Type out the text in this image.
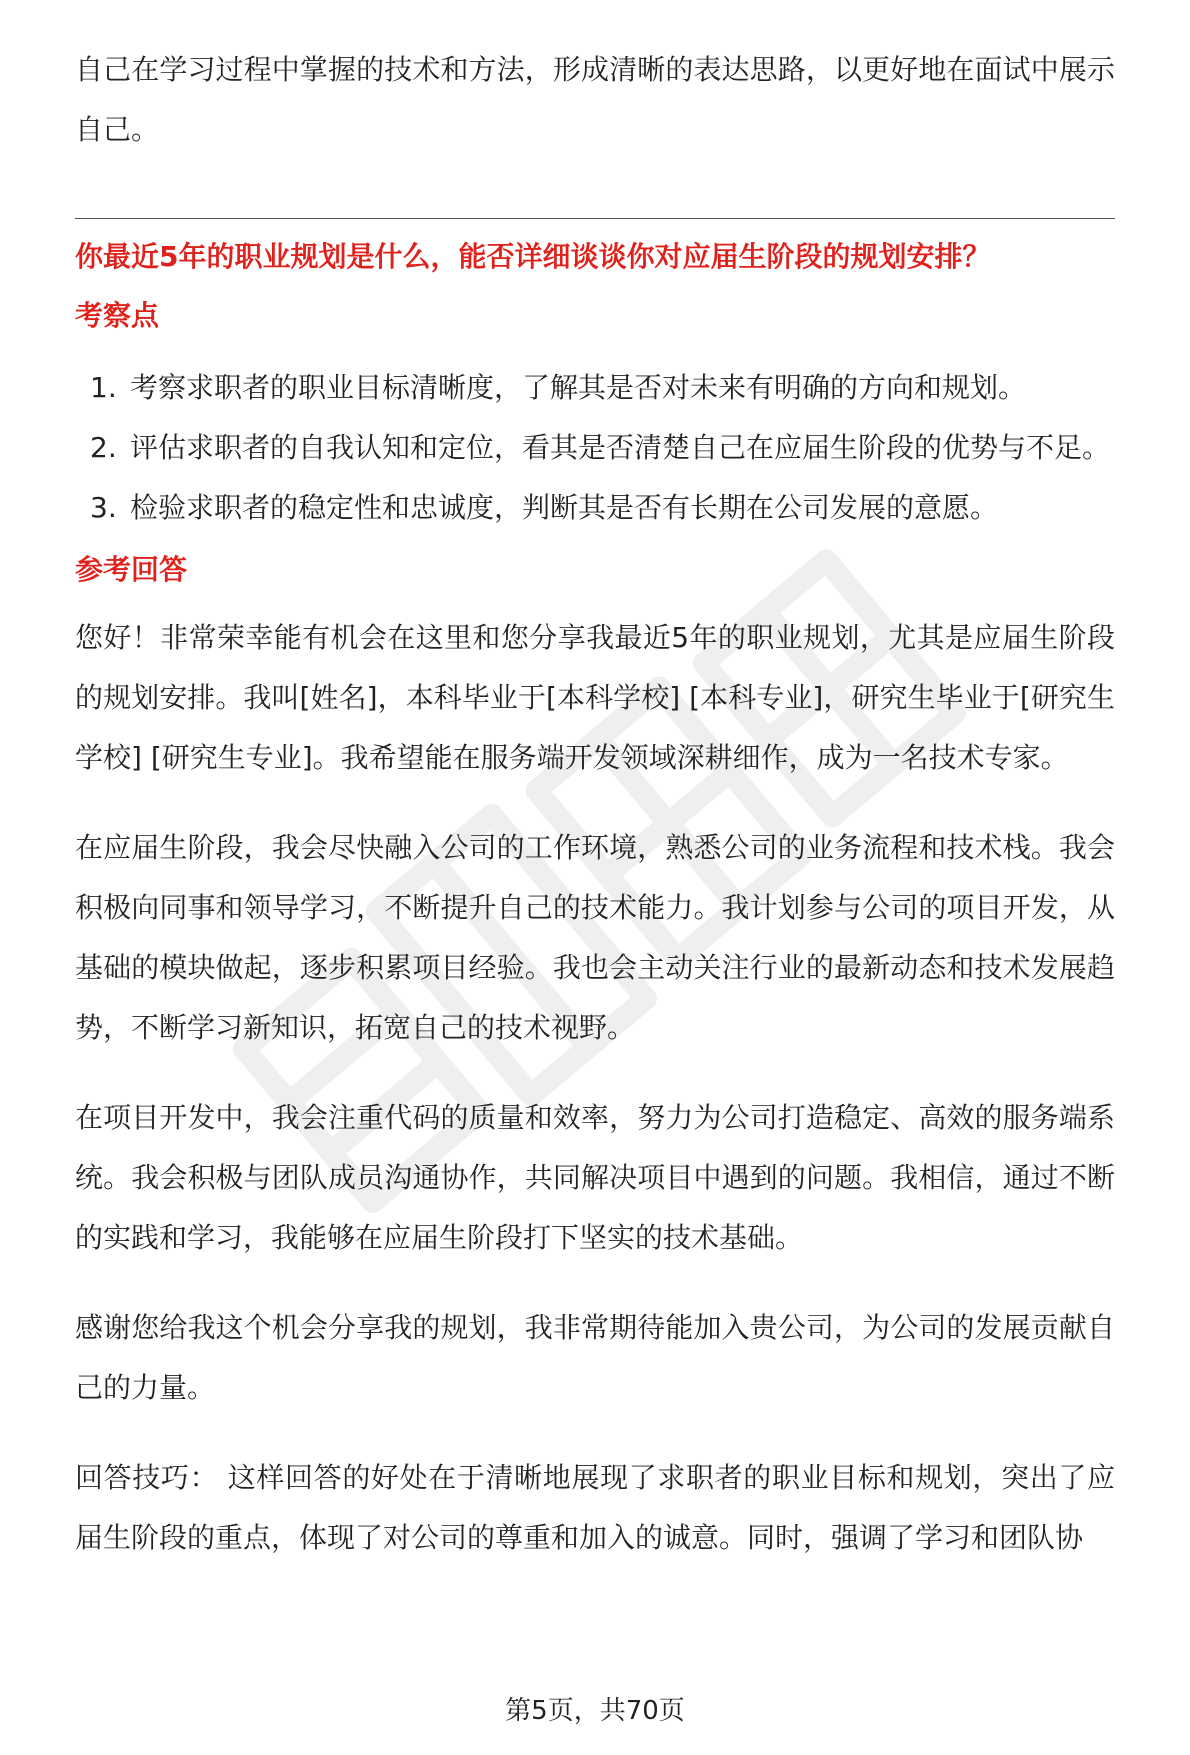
自己在学习过程中掌握的技术和方法，形成清晰的表达思路，以更好地在面试中展示自己。

你最近5年的职业规划是什么，能否详细谈谈你对应届生阶段的规划安排？
考察点
1. 考察求职者的职业目标清晰度，了解其是否对未来有明确的方向和规划。
2. 评估求职者的自我认知和定位，看其是否清楚自己在应届生阶段的优势与不足。
3. 检验求职者的稳定性和忠诚度，判断其是否有长期在公司发展的意愿。
参考回答

您好！非常荣幸能有机会在这里和您分享我最近5年的职业规划，尤其是应届生阶段的规划安排。我叫[姓名]，本科毕业于[本科学校] [本科专业]，研究生毕业于[研究生学校] [研究生专业]。我希望能在服务端开发领域深耕细作，成为一名技术专家。

在应届生阶段，我会尽快融入公司的工作环境，熟悉公司的业务流程和技术栈。我会积极向同事和领导学习，不断提升自己的技术能力。我计划参与公司的项目开发，从基础的模块做起，逐步积累项目经验。我也会主动关注行业的最新动态和技术发展趋势，不断学习新知识，拓宽自己的技术视野。

在项目开发中，我会注重代码的质量和效率，努力为公司打造稳定、高效的服务端系统。我会积极与团队成员沟通协作，共同解决项目中遇到的问题。我相信，通过不断的实践和学习，我能够在应届生阶段打下坚实的技术基础。

感谢您给我这个机会分享我的规划，我非常期待能加入贵公司，为公司的发展贡献自己的力量。

回答技巧： 这样回答的好处在于清晰地展现了求职者的职业目标和规划，突出了应届生阶段的重点，体现了对公司的尊重和加入的诚意。同时，强调了学习和团队协

第5页，共70页
